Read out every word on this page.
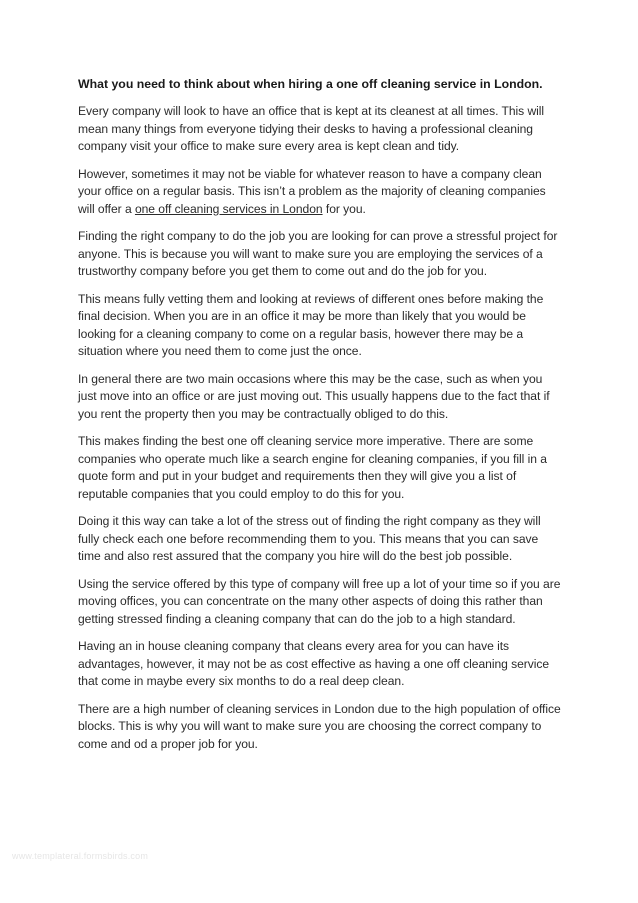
What you need to think about when hiring a one off cleaning service in London.

Every company will look to have an office that is kept at its cleanest at all times. This will mean many things from everyone tidying their desks to having a professional cleaning company visit your office to make sure every area is kept clean and tidy.

However, sometimes it may not be viable for whatever reason to have a company clean your office on a regular basis. This isn’t a problem as the majority of cleaning companies will offer a one off cleaning services in London for you.

Finding the right company to do the job you are looking for can prove a stressful project for anyone. This is because you will want to make sure you are employing the services of a trustworthy company before you get them to come out and do the job for you.

This means fully vetting them and looking at reviews of different ones before making the final decision. When you are in an office it may be more than likely that you would be looking for a cleaning company to come on a regular basis, however there may be a situation where you need them to come just the once.

In general there are two main occasions where this may be the case, such as when you just move into an office or are just moving out. This usually happens due to the fact that if you rent the property then you may be contractually obliged to do this.

This makes finding the best one off cleaning service more imperative. There are some companies who operate much like a search engine for cleaning companies, if you fill in a quote form and put in your budget and requirements then they will give you a list of reputable companies that you could employ to do this for you.

Doing it this way can take a lot of the stress out of finding the right company as they will fully check each one before recommending them to you. This means that you can save time and also rest assured that the company you hire will do the best job possible.

Using the service offered by this type of company will free up a lot of your time so if you are moving offices, you can concentrate on the many other aspects of doing this rather than getting stressed finding a cleaning company that can do the job to a high standard.

Having an in house cleaning company that cleans every area for you can have its advantages, however, it may not be as cost effective as having a one off cleaning service that come in maybe every six months to do a real deep clean.

There are a high number of cleaning services in London due to the high population of office blocks. This is why you will want to make sure you are choosing the correct company to come and od a proper job for you.

www.templateral.formsbirds.com
